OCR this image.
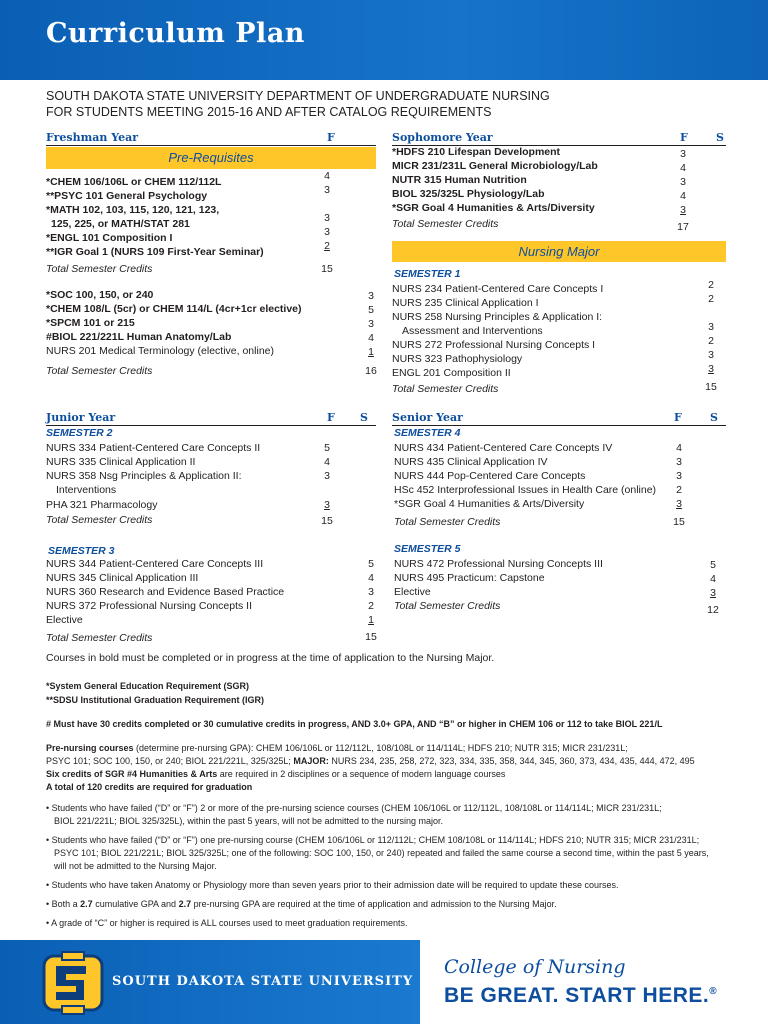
Curriculum Plan
SOUTH DAKOTA STATE UNIVERSITY DEPARTMENT OF UNDERGRADUATE NURSING
FOR STUDENTS MEETING 2015-16 AND AFTER CATALOG REQUIREMENTS
Freshman Year	F
Pre-Requisites
*CHEM 106/106L or CHEM 112/112L	4
**PSYC 101 General Psychology	3
*MATH 102, 103, 115, 120, 121, 123,
125, 225, or MATH/STAT 281	3
*ENGL 101 Composition I	3
**IGR Goal 1 (NURS 109 First-Year Seminar)	2
Total Semester Credits	15
*SOC 100, 150, or 240	3
*CHEM 108/L (5cr) or CHEM 114/L (4cr+1cr elective)	5
*SPCM 101 or 215	3
#BIOL 221/221L Human Anatomy/Lab	4
NURS 201 Medical Terminology (elective, online)	1
Total Semester Credits	16
Sophomore Year	F	S
*HDFS 210 Lifespan Development	3
MICR 231/231L General Microbiology/Lab	4
NUTR 315 Human Nutrition	3
BIOL 325/325L Physiology/Lab	4
*SGR Goal 4 Humanities & Arts/Diversity	3
Total Semester Credits	17
Nursing Major
SEMESTER 1
NURS 234 Patient-Centered Care Concepts I	2
NURS 235 Clinical Application I	2
NURS 258 Nursing Principles & Application I:
Assessment and Interventions	3
NURS 272 Professional Nursing Concepts I	2
NURS 323 Pathophysiology	3
ENGL 201 Composition II	3
Total Semester Credits	15
Junior Year	F S
SEMESTER 2
NURS 334 Patient-Centered Care Concepts II	5
NURS 335 Clinical Application II	4
NURS 358 Nsg Principles & Application II:	3
Interventions
PHA 321 Pharmacology	3
Total Semester Credits	15
SEMESTER 3
NURS 344 Patient-Centered Care Concepts III	5
NURS 345 Clinical Application III	4
NURS 360 Research and Evidence Based Practice	3
NURS 372 Professional Nursing Concepts II	2
Elective	1
Total Semester Credits	15
Senior Year	F	S
SEMESTER 4
NURS 434 Patient-Centered Care Concepts IV	4
NURS 435 Clinical Application IV	3
NURS 444 Pop-Centered Care Concepts	3
HSc 452 Interprofessional Issues in Health Care (online)	2
*SGR Goal 4 Humanities & Arts/Diversity	3
Total Semester Credits	15
SEMESTER 5
NURS 472 Professional Nursing Concepts III	5
NURS 495 Practicum: Capstone	4
Elective	3
Total Semester Credits	12
Courses in bold must be completed or in progress at the time of application to the Nursing Major.
*System General Education Requirement (SGR)
**SDSU Institutional Graduation Requirement (IGR)
# Must have 30 credits completed or 30 cumulative credits in progress, AND 3.0+ GPA, AND “B” or higher in CHEM 106 or 112 to take BIOL 221/L
Pre-nursing courses (determine pre-nursing GPA): CHEM 106/106L or 112/112L, 108/108L or 114/114L; HDFS 210; NUTR 315; MICR 231/231L;
PSYC 101; SOC 100, 150, or 240; BIOL 221/221L, 325/325L; MAJOR: NURS 234, 235, 258, 272, 323, 334, 335, 358, 344, 345, 360, 373, 434, 435, 444, 472, 495
Six credits of SGR #4 Humanities & Arts are required in 2 disciplines or a sequence of modern language courses
A total of 120 credits are required for graduation
• Students who have failed (“D” or “F”) 2 or more of the pre-nursing science courses (CHEM 106/106L or 112/112L, 108/108L or 114/114L; MICR 231/231L;
BIOL 221/221L; BIOL 325/325L), within the past 5 years, will not be admitted to the nursing major.
• Students who have failed (“D” or “F”) one pre-nursing course (CHEM 106/106L or 112/112L; CHEM 108/108L or 114/114L; HDFS 210; NUTR 315; MICR 231/231L;
PSYC 101; BIOL 221/221L; BIOL 325/325L; one of the following: SOC 100, 150, or 240) repeated and failed the same course a second time, within the past 5 years,
will not be admitted to the Nursing Major.
• Students who have taken Anatomy or Physiology more than seven years prior to their admission date will be required to update these courses.
• Both a 2.7 cumulative GPA and 2.7 pre-nursing GPA are required at the time of application and admission to the Nursing Major.
• A grade of “C” or higher is required is ALL courses used to meet graduation requirements.
SOUTH DAKOTA STATE UNIVERSITY
College of Nursing
BE GREAT. START HERE.®
